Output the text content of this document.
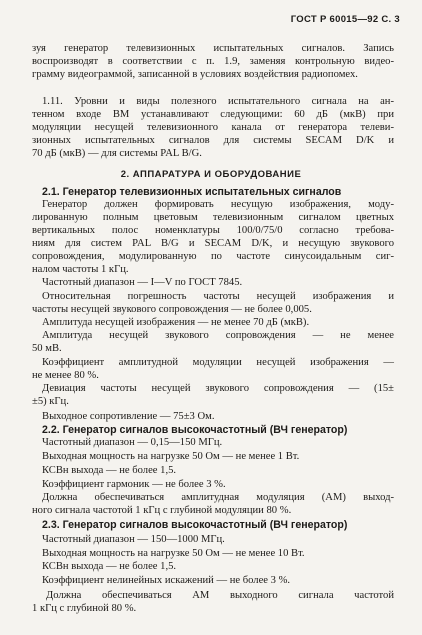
ГОСТ Р 60015—92 С. 3
2. АППАРАТУРА И ОБОРУДОВАНИЕ
зуя генератор телевизионных испытательных сигналов. Запись
воспроизводят в соответствии с п. 1.9, заменяя контрольную видео-
грамму видеограммой, записанной в условиях воздействия радиопомех.
1.11. Уровни и виды полезного испытательного сигнала на ан-
тенном входе ВМ устанавливают следующими: 60 дБ (мкВ) при
модуляции несущей телевизионного канала от генератора телеви-
зионных испытательных сигналов для системы SECAM D/K и
70 дБ (мкВ) — для системы PAL B/G.
2.1. Генератор телевизионных испытательных сигналов
Генератор должен формировать несущую изображения, моду-
лированную полным цветовым телевизионным сигналом цветных
вертикальных полос номенклатуры 100/0/75/0 согласно требова-
ниям для систем PAL B/G и SECAM D/K, и несущую звукового
сопровождения, модулированную по частоте синусоидальным сиг-
налом частоты 1 кГц.
Частотный диапазон — I—V по ГОСТ 7845.
Относительная погрешность частоты несущей изображения и
частоты несущей звукового сопровождения — не более 0,005.
Амплитуда несущей изображения — не менее 70 дБ (мкВ).
Амплитуда несущей звукового сопровождения — не менее
50 мВ.
Коэффициент амплитудной модуляции несущей изображения —
не менее 80 %.
Девиация частоты несущей звукового сопровождения — (15±
±5) кГц.
Выходное сопротивление — 75±3 Ом.
2.2. Генератор сигналов высокочастотный (ВЧ генератор)
Частотный диапазон — 0,15—150 МГц.
Выходная мощность на нагрузке 50 Ом — не менее 1 Вт.
КСВн выхода — не более 1,5.
Коэффициент гармоник — не более 3 %.
Должна обеспечиваться амплитудная модуляция (АМ) выход-
ного сигнала частотой 1 кГц с глубиной модуляции 80 %.
2.3. Генератор сигналов высокочастотный (ВЧ генератор)
Частотный диапазон — 150—1000 МГц.
Выходная мощность на нагрузке 50 Ом — не менее 10 Вт.
КСВн выхода — не более 1,5.
Коэффициент нелинейных искажений — не более 3 %.
Должна обеспечиваться АМ выходного сигнала частотой
1 кГц с глубиной 80 %.
